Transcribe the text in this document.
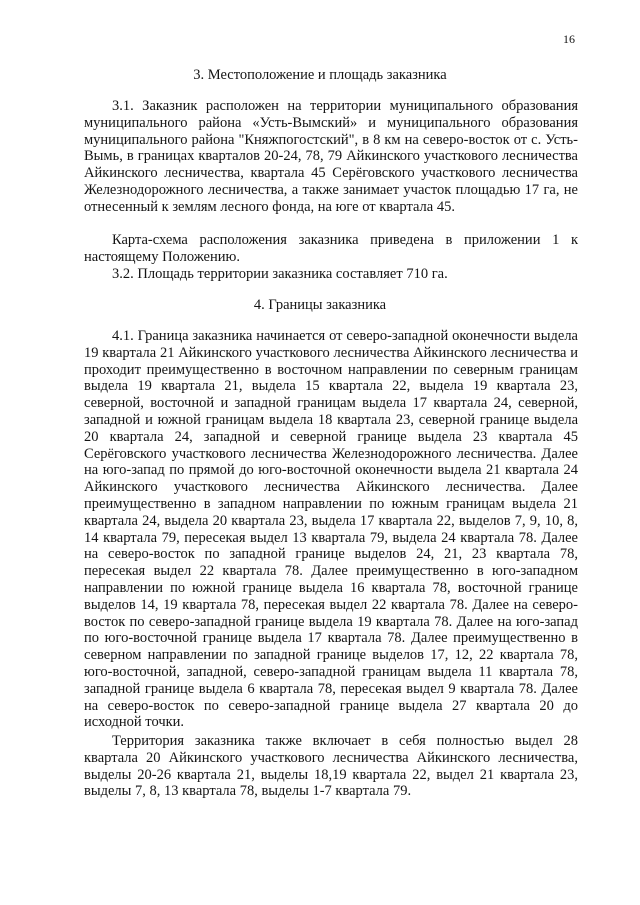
16
3. Местоположение и площадь заказника

3.1. Заказник расположен на территории муниципального образования муниципального района «Усть-Вымский» и муниципального образования муниципального района "Княжпогостский", в 8 км на северо-восток от с. Усть-Вымь, в границах кварталов 20-24, 78, 79 Айкинского участкового лесничества Айкинского лесничества, квартала 45 Серёговского участкового лесничества Железнодорожного лесничества, а также занимает участок площадью 17 га, не отнесенный к землям лесного фонда, на юге от квартала 45.

Карта-схема расположения заказника приведена в приложении 1 к настоящему Положению.

3.2. Площадь территории заказника составляет 710 га.

4. Границы заказника

4.1. Граница заказника начинается от северо-западной оконечности выдела 19 квартала 21 Айкинского участкового лесничества Айкинского лесничества и проходит преимущественно в восточном направлении по северным границам выдела 19 квартала 21, выдела 15 квартала 22, выдела 19 квартала 23, северной, восточной и западной границам выдела 17 квартала 24, северной, западной и южной границам выдела 18 квартала 23, северной границе выдела 20 квартала 24, западной и северной границе выдела 23 квартала 45 Серёговского участкового лесничества Железнодорожного лесничества. Далее на юго-запад по прямой до юго-восточной оконечности выдела 21 квартала 24 Айкинского участкового лесничества Айкинского лесничества. Далее преимущественно в западном направлении по южным границам выдела 21 квартала 24, выдела 20 квартала 23, выдела 17 квартала 22, выделов 7, 9, 10, 8, 14 квартала 79, пересекая выдел 13 квартала 79, выдела 24 квартала 78. Далее на северо-восток по западной границе выделов 24, 21, 23 квартала 78, пересекая выдел 22 квартала 78. Далее преимущественно в юго-западном направлении по южной границе выдела 16 квартала 78, восточной границе выделов 14, 19 квартала 78, пересекая выдел 22 квартала 78. Далее на северо-восток по северо-западной границе выдела 19 квартала 78. Далее на юго-запад по юго-восточной границе выдела 17 квартала 78. Далее преимущественно в северном направлении по западной границе выделов 17, 12, 22 квартала 78, юго-восточной, западной, северо-западной границам выдела 11 квартала 78, западной границе выдела 6 квартала 78, пересекая выдел 9 квартала 78. Далее на северо-восток по северо-западной границе выдела 27 квартала 20 до исходной точки.

Территория заказника также включает в себя полностью выдел 28 квартала 20 Айкинского участкового лесничества Айкинского лесничества, выделы 20-26 квартала 21, выделы 18,19 квартала 22, выдел 21 квартала 23, выделы 7, 8, 13 квартала 78, выделы 1-7 квартала 79.
